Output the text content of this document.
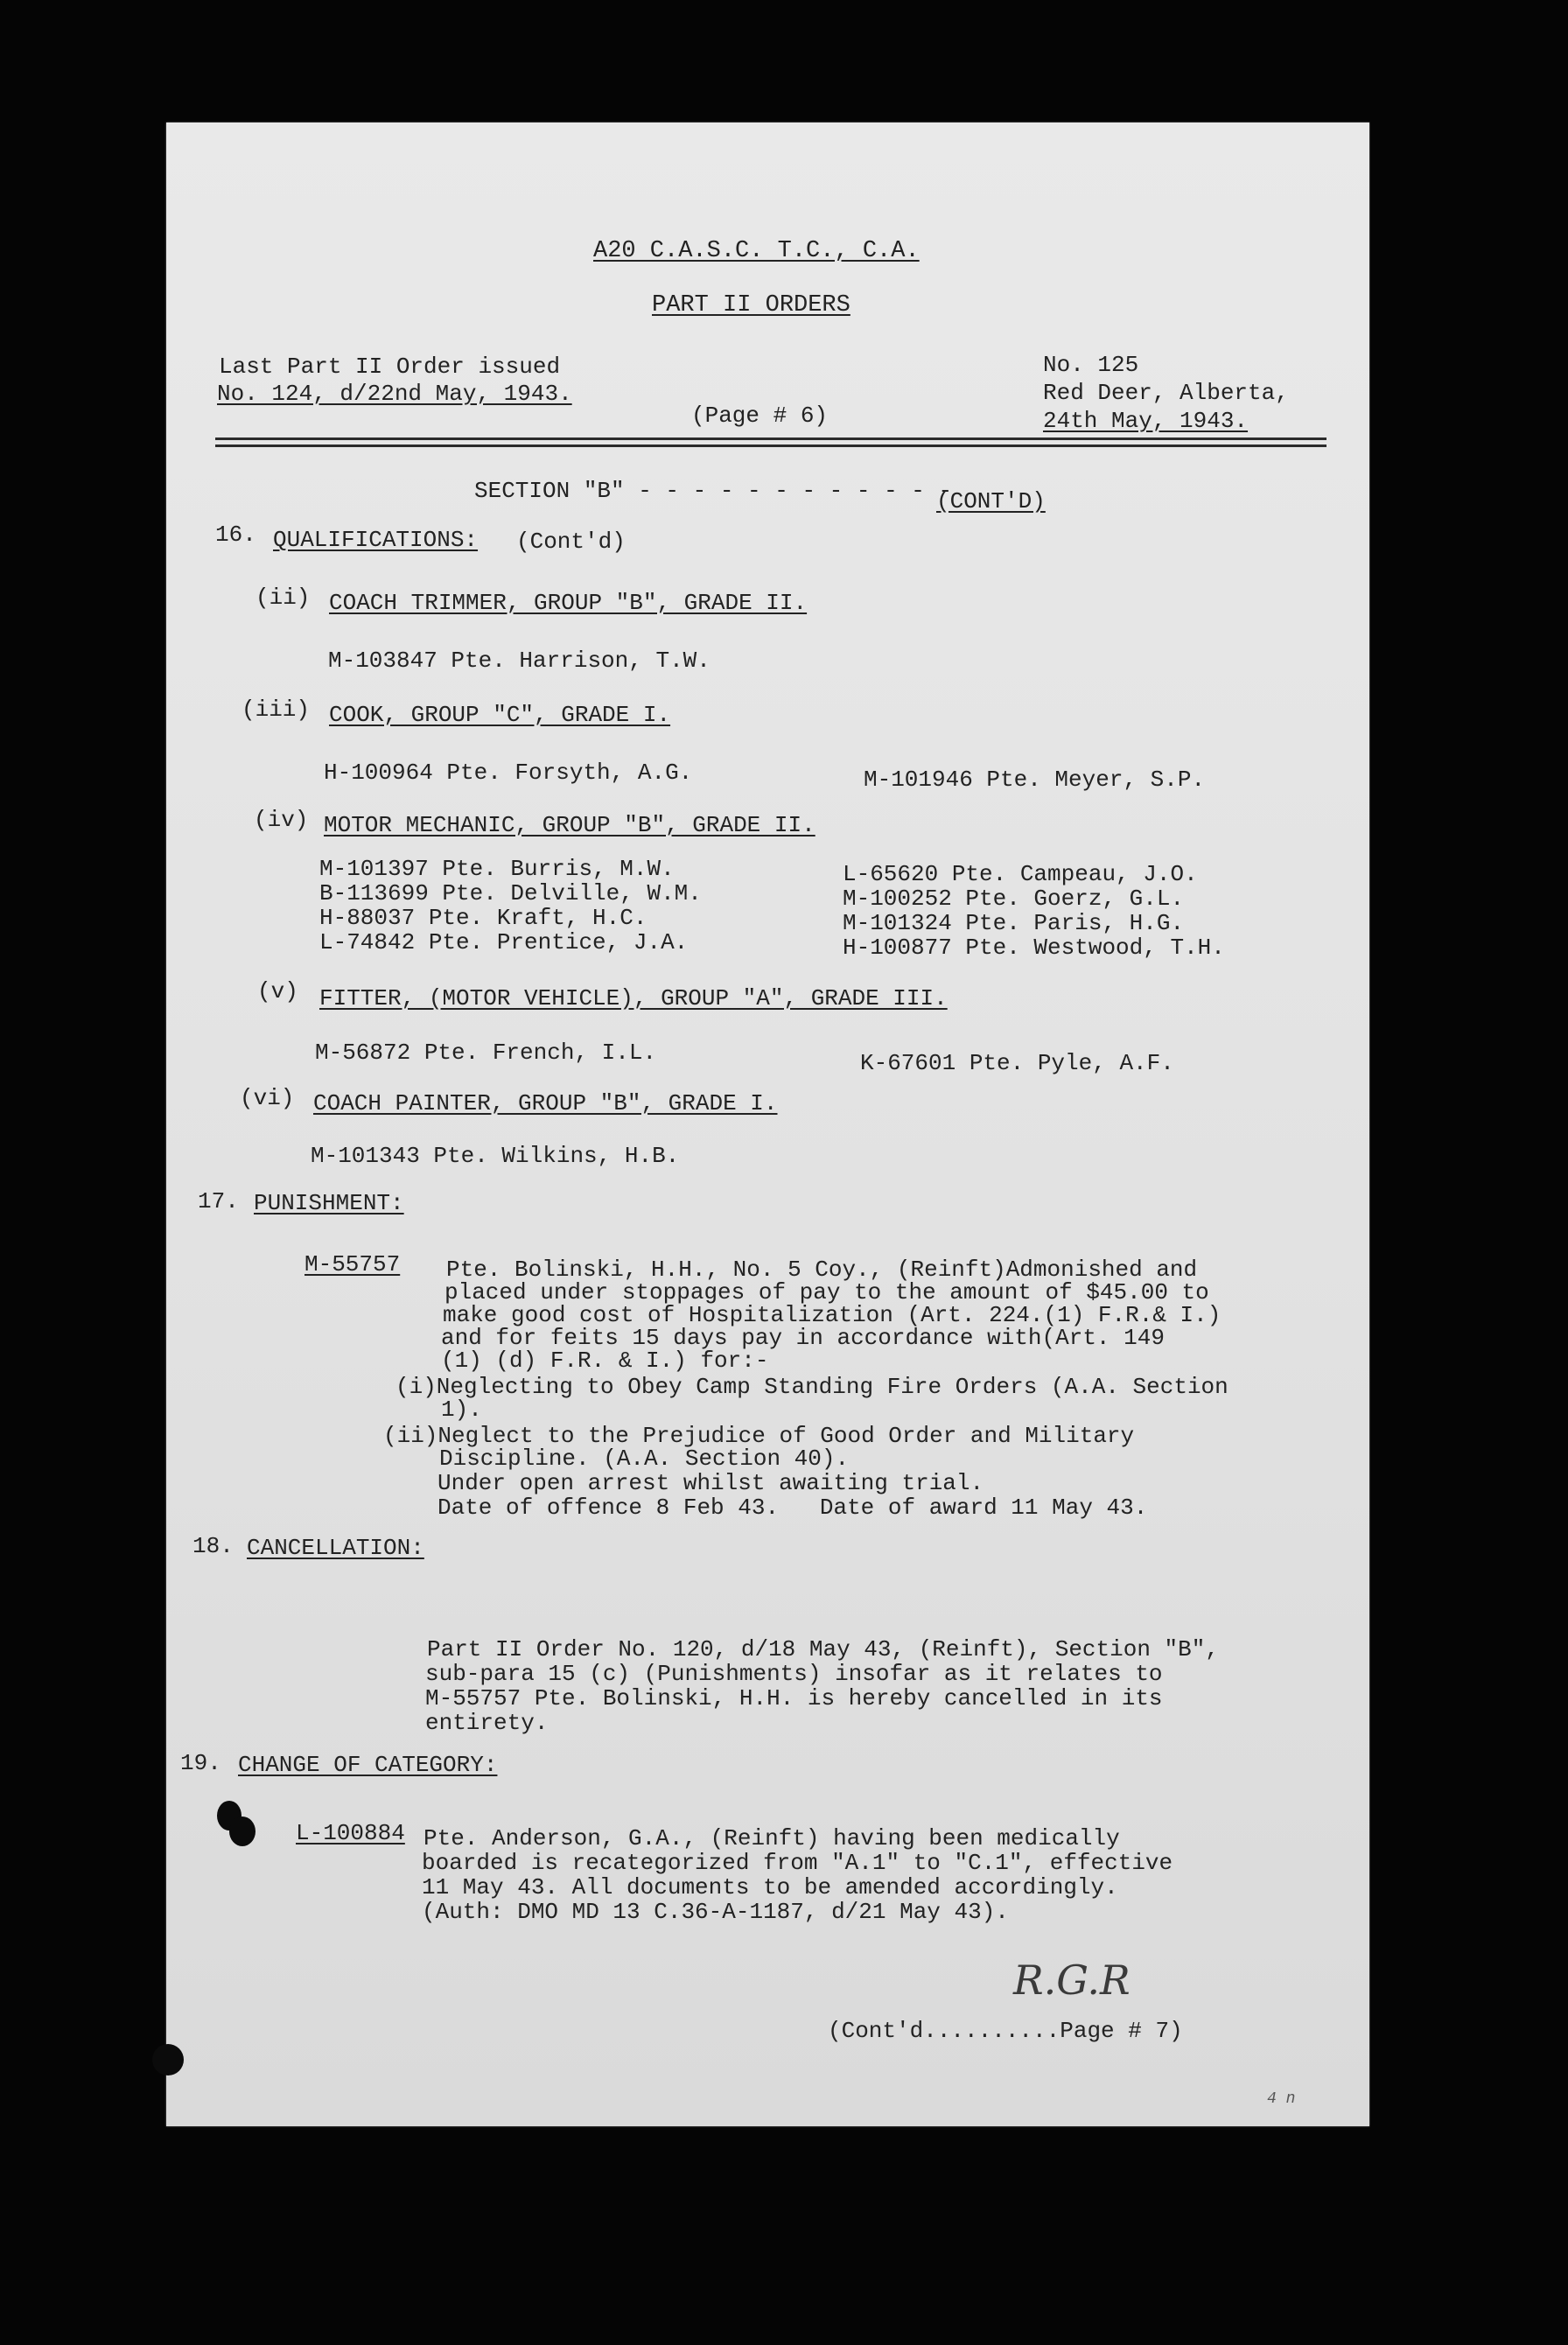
A20 C.A.S.C. T.C., C.A.
PART II ORDERS
Last Part II Order issued
No. 124, d/22nd May, 1943.
(Page # 6)
No. 125
Red Deer, Alberta,
24th May, 1943.
SECTION "B" - - - - - - - - - - - -
(CONT'D)
16. QUALIFICATIONS: (Cont'd)
(ii) COACH TRIMMER, GROUP "B", GRADE II.
M-103847 Pte. Harrison, T.W.
(iii) COOK, GROUP "C", GRADE I.
H-100964 Pte. Forsyth, A.G.	M-101946 Pte. Meyer, S.P.
(iv) MOTOR MECHANIC, GROUP "B", GRADE II.
M-101397 Pte. Burris, M.W.
B-113699 Pte. Delville, W.M.
H-88037 Pte. Kraft, H.C.
L-74842 Pte. Prentice, J.A.
L-65620 Pte. Campeau, J.O.
M-100252 Pte. Goerz, G.L.
M-101324 Pte. Paris, H.G.
H-100877 Pte. Westwood, T.H.
(v) FITTER, (MOTOR VEHICLE), GROUP "A", GRADE III.
M-56872 Pte. French, I.L.	K-67601 Pte. Pyle, A.F.
(vi) COACH PAINTER, GROUP "B", GRADE I.
M-101343 Pte. Wilkins, H.B.
17. PUNISHMENT:
M-55757 Pte. Bolinski, H.H., No. 5 Coy., (Reinft)Admonished and
placed under stoppages of pay to the amount of $45.00 to
make good cost of Hospitalization (Art. 224.(1) F.R.& I.)
and for feits 15 days pay in accordance with(Art. 149
(1) (d) F.R. & I.) for:-
(i)Neglecting to Obey Camp Standing Fire Orders (A.A. Section
1).
(ii)Neglect to the Prejudice of Good Order and Military
Discipline. (A.A. Section 40).
Under open arrest whilst awaiting trial.
Date of offence 8 Feb 43.   Date of award 11 May 43.
18. CANCELLATION:
Part II Order No. 120, d/18 May 43, (Reinft), Section "B",
sub-para 15 (c) (Punishments) insofar as it relates to
M-55757 Pte. Bolinski, H.H. is hereby cancelled in its
entirety.
19. CHANGE OF CATEGORY:
L-100884 Pte. Anderson, G.A., (Reinft) having been medically
boarded is recategorized from "A.1" to "C.1", effective
11 May 43. All documents to be amended accordingly.
(Auth: DMO MD 13 C.36-A-1187, d/21 May 43).
R.G.R
(Cont'd..........Page # 7)
4 n
